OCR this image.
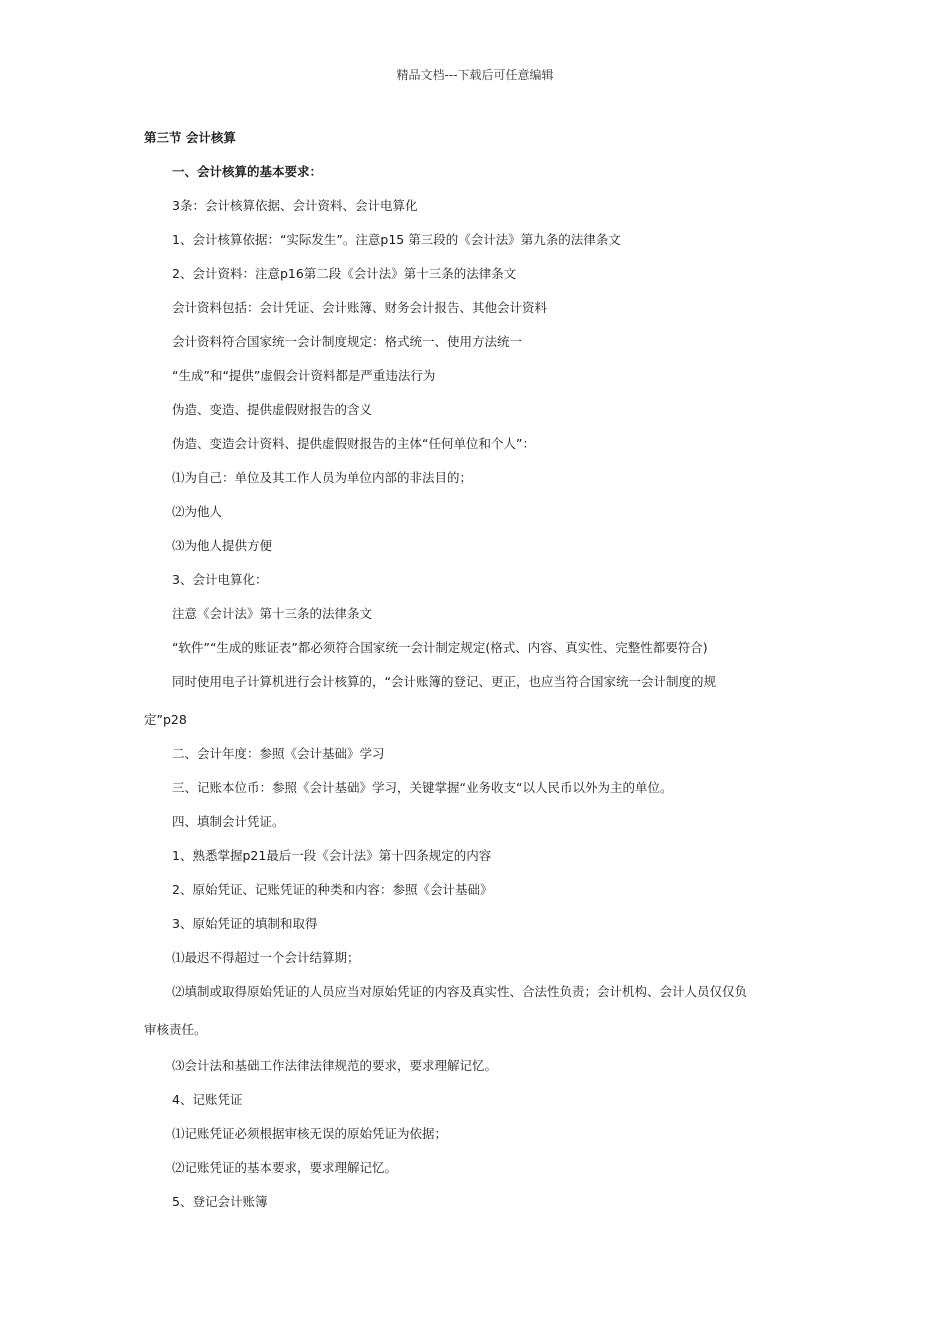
精品文档---下载后可任意编辑
第三节 会计核算
一、会计核算的基本要求：
3条：会计核算依据、会计资料、会计电算化
1、会计核算依据：“实际发生”。注意p15 第三段的《会计法》第九条的法律条文
2、会计资料：注意p16第二段《会计法》第十三条的法律条文
会计资料包括：会计凭证、会计账簿、财务会计报告、其他会计资料
会计资料符合国家统一会计制度规定：格式统一、使用方法统一
“生成”和“提供”虚假会计资料都是严重违法行为
伪造、变造、提供虚假财报告的含义
伪造、变造会计资料、提供虚假财报告的主体“任何单位和个人”：
⑴为自己：单位及其工作人员为单位内部的非法目的；
⑵为他人
⑶为他人提供方便
3、会计电算化：
注意《会计法》第十三条的法律条文
“软件”“生成的账证表”都必须符合国家统一会计制定规定(格式、内容、真实性、完整性都要符合)
同时使用电子计算机进行会计核算的，“会计账簿的登记、更正，也应当符合国家统一会计制度的规
定”p28
二、会计年度：参照《会计基础》学习
三、记账本位币：参照《会计基础》学习，关键掌握“业务收支“以人民币以外为主的单位。
四、填制会计凭证。
1、熟悉掌握p21最后一段《会计法》第十四条规定的内容
2、原始凭证、记账凭证的种类和内容：参照《会计基础》
3、原始凭证的填制和取得
⑴最迟不得超过一个会计结算期；
⑵填制或取得原始凭证的人员应当对原始凭证的内容及真实性、合法性负责；会计机构、会计人员仅仅负
审核责任。
⑶会计法和基础工作法律法律规范的要求，要求理解记忆。
4、记账凭证
⑴记账凭证必须根据审核无误的原始凭证为依据；
⑵记账凭证的基本要求，要求理解记忆。
5、登记会计账簿
